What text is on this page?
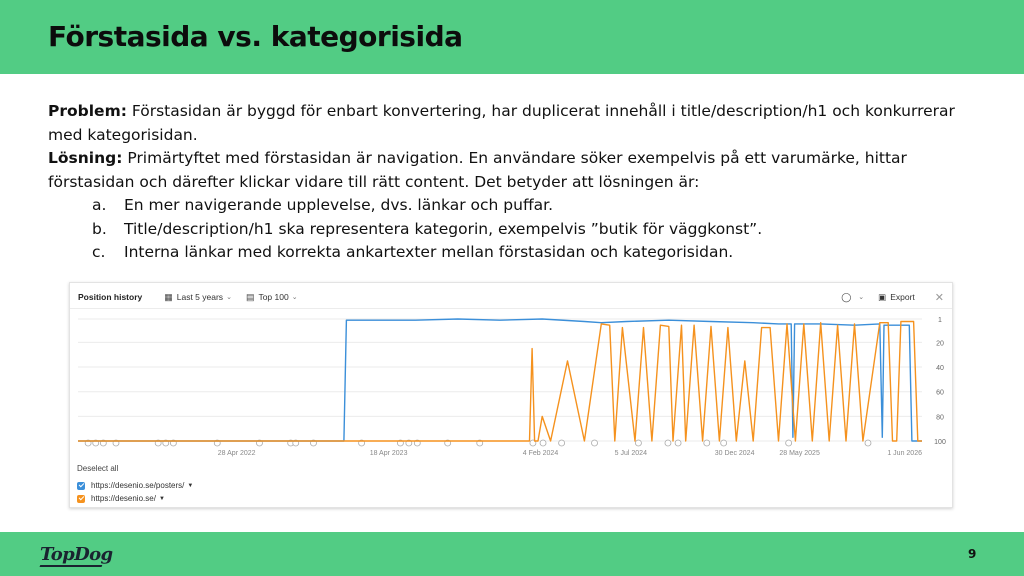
Förstasida vs. kategorisida
Problem: Förstasidan är byggd för enbart konvertering, har duplicerat innehåll i title/description/h1 och konkurrerar med kategorisidan.
Lösning: Primärtyftet med förstasidan är navigation. En användare söker exempelvis på ett varumärke, hittar förstasidan och därefter klickar vidare till rätt content. Det betyder att lösningen är:
a.	En mer navigerande upplevelse, dvs. länkar och puffar.
b.	Title/description/h1 ska representera kategorin, exempelvis ”butik för väggkonst”.
c.	Interna länkar med korrekta ankartexter mellan förstasidan och kategorisidan.
Position history ▦ Last 5 years ⌄ ▤ Top 100 ⌄	◯ ⌄ ▣ Export ✕
1
20
40
60
80
100
28 Apr 2022	18 Apr 2023	4 Feb 2024	5 Jul 2024	30 Dec 2024	28 May 2025	1 Jun 2026
Deselect all
https://desenio.se/posters/ ▼
https://desenio.se/ ▼
TopDog	9
